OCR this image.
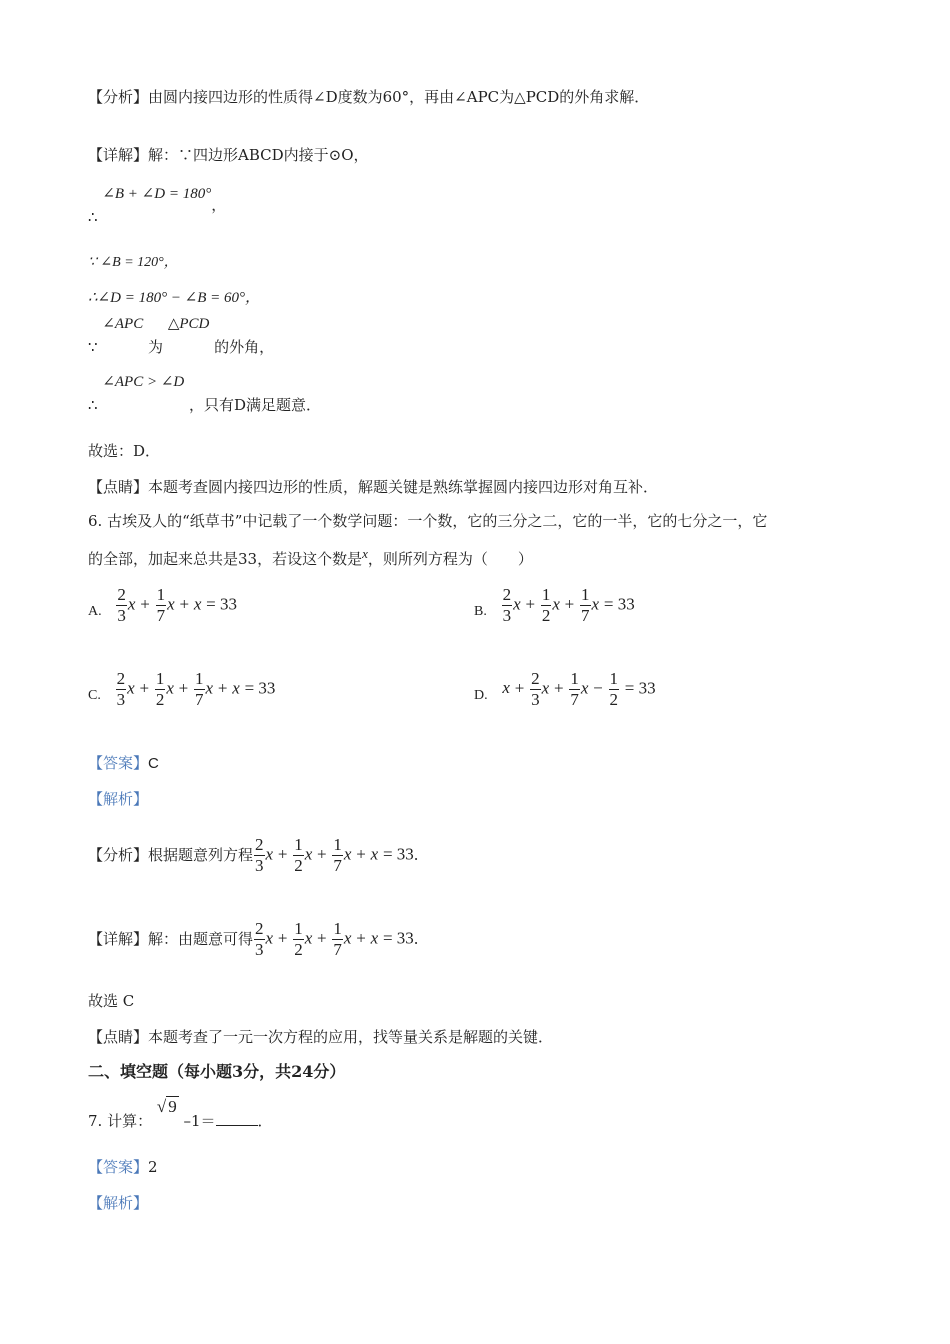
【分析】由圆内接四边形的性质得∠D度数为60°，再由∠APC为△PCD的外角求解．
【详解】解：∵四边形ABCD内接于⊙O，
∴ ∠B + ∠D = 180°，
∵ ∠B = 120°，
∴∠D = 180° − ∠B = 60°，
∵ ∠APC 为 △PCD 的外角，
∴ ∠APC > ∠D ，只有D满足题意．
故选：D．
【点睛】本题考查圆内接四边形的性质，解题关键是熟练掌握圆内接四边形对角互补．
6. 古埃及人的“纸草书”中记载了一个数学问题：一个数，它的三分之二，它的一半，它的七分之一，它
的全部，加起来总共是33，若设这个数是x，则所列方程为（　　）
A. $\frac{2}{3}$ $x + \frac{1}{7}$ x + x = 33	B. $\frac{2}{3}$ $x + \frac{1}{2}$ $x + \frac{1}{7}$ x = 33
C. $\frac{2}{3}$ $x + \frac{1}{2}$ $x + \frac{1}{7}$ x + x = 33	D. $x + \frac{2}{3}$ $x + \frac{1}{7}$ $x - \frac{1}{2} = 33$
【答案】C
【解析】
【分析】根据题意列方程 $\frac{2}{3}$ $x + \frac{1}{2}$ $x + \frac{1}{7}$ x + x = 33．
【详解】解：由题意可得 $\frac{2}{3}$ $x + \frac{1}{2}$ $x + \frac{1}{7}$ x + x = 33．
故选 C
【点睛】本题考查了一元一次方程的应用，找等量关系是解题的关键．
二、填空题（每小题3分，共24分）
7. 计算： √ 9 –1＝	．
【答案】2
【解析】
